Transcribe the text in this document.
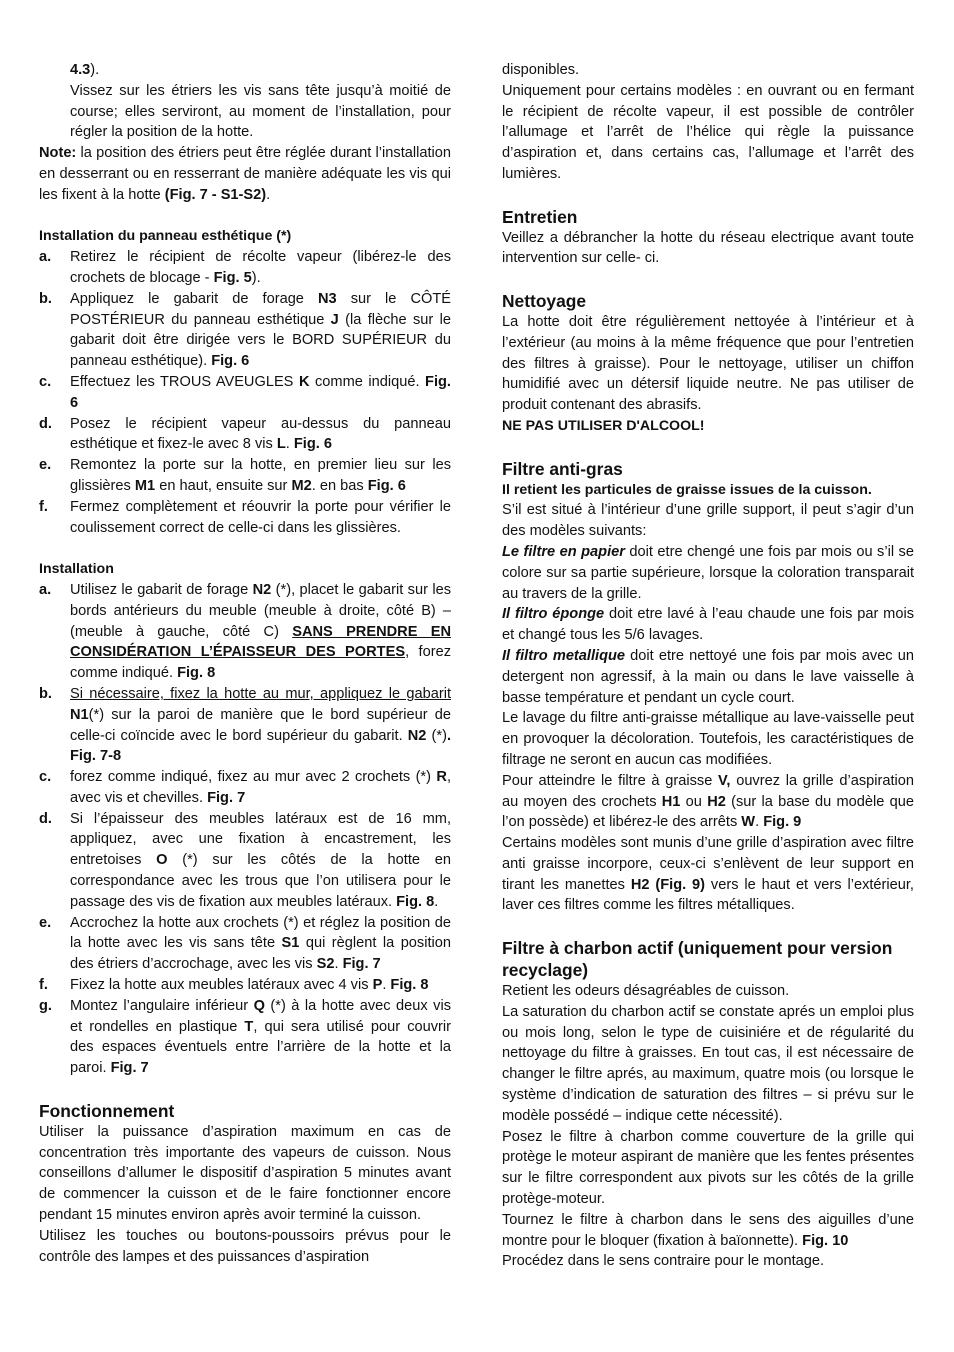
4.3).

Vissez sur les étriers les vis sans tête jusqu’à moitié de course; elles serviront, au moment de l’installation, pour régler la position de la hotte.

Note: la position des étriers peut être réglée durant l’installation en desserrant ou en resserrant de manière adéquate les vis qui les fixent à la hotte (Fig. 7 - S1-S2).

Installation du panneau esthétique (*)
a.	Retirez le récipient de récolte vapeur (libérez-le des crochets de blocage - Fig. 5).
b.	Appliquez le gabarit de forage N3 sur le CÔTÉ POSTÉRIEUR du panneau esthétique J (la flèche sur le gabarit doit être dirigée vers le BORD SUPÉRIEUR du panneau esthétique). Fig. 6
c.	Effectuez les TROUS AVEUGLES K comme indiqué. Fig. 6
d.	Posez le récipient vapeur au-dessus du panneau esthétique et fixez-le avec 8 vis L. Fig. 6
e.	Remontez la porte sur la hotte, en premier lieu sur les glissières M1 en haut, ensuite sur M2. en bas Fig. 6
f.	Fermez complètement et réouvrir la porte pour vérifier le coulissement correct de celle-ci dans les glissières.
Installation
a.	Utilisez le gabarit de forage N2 (*), placet le gabarit sur les bords antérieurs du meuble (meuble à droite, côté B) – (meuble à gauche, côté C) SANS PRENDRE EN CONSIDÉRATION L’ÉPAISSEUR DES PORTES, forez comme indiqué. Fig. 8
b.	Si nécessaire, fixez la hotte au mur, appliquez le gabarit N1(*) sur la paroi de manière que le bord supérieur de celle-ci coïncide avec le bord supérieur du gabarit. N2 (*). Fig. 7-8
c.	forez comme indiqué, fixez au mur avec 2 crochets (*) R, avec vis et chevilles. Fig. 7
d.	Si l’épaisseur des meubles latéraux est de 16 mm, appliquez, avec une fixation à encastrement, les entretoises O (*) sur les côtés de la hotte en correspondance avec les trous que l’on utilisera pour le passage des vis de fixation aux meubles latéraux. Fig. 8.
e.	Accrochez la hotte aux crochets (*) et réglez la position de la hotte avec les vis sans tête S1 qui règlent la position des étriers d’accrochage, avec les vis S2. Fig. 7
f.	Fixez la hotte aux meubles latéraux avec 4 vis P. Fig. 8
g.	Montez l’angulaire inférieur Q (*) à la hotte avec deux vis et rondelles en plastique T, qui sera utilisé pour couvrir des espaces éventuels entre l’arrière de la hotte et la paroi. Fig. 7
Fonctionnement

Utiliser la puissance d’aspiration maximum en cas de concentration très importante des vapeurs de cuisson. Nous conseillons d’allumer le dispositif d’aspiration 5 minutes avant de commencer la cuisson et de le faire fonctionner encore pendant 15 minutes environ après avoir terminé la cuisson.

Utilisez les touches ou boutons-poussoirs prévus pour le contrôle des lampes et des puissances d’aspiration

disponibles.

Uniquement pour certains modèles : en ouvrant ou en fermant le récipient de récolte vapeur, il est possible de contrôler l’allumage et l’arrêt de l’hélice qui règle la puissance d’aspiration et, dans certains cas, l’allumage et l’arrêt des lumières.

Entretien

Veillez a débrancher la hotte du réseau electrique avant toute intervention sur celle- ci.

Nettoyage

La hotte doit être régulièrement nettoyée à l’intérieur et à l’extérieur (au moins à la même fréquence que pour l’entretien des filtres à graisse). Pour le nettoyage, utiliser un chiffon humidifié avec un détersif liquide neutre. Ne pas utiliser de produit contenant des abrasifs.

NE PAS UTILISER D'ALCOOL!

Filtre anti-gras

Il retient les particules de graisse issues de la cuisson.

S’il est situé à l’intérieur d’une grille support, il peut s’agir d’un des modèles suivants:

Le filtre en papier doit etre chengé une fois par mois ou s’il se colore sur sa partie supérieure, lorsque la coloration transparait au travers de la grille.

Il filtro éponge doit etre lavé à l’eau chaude une fois par mois et changé tous les 5/6 lavages.

Il filtro metallique doit etre nettoyé une fois par mois avec un detergent non agressif, à la main ou dans le lave vaisselle à basse température et pendant un cycle court.

Le lavage du filtre anti-graisse métallique au lave-vaisselle peut en provoquer la décoloration. Toutefois, les caractéristiques de filtrage ne seront en aucun cas modifiées.

Pour atteindre le filtre à graisse V, ouvrez la grille d’aspiration au moyen des crochets H1 ou H2 (sur la base du modèle que l’on possède) et libérez-le des arrêts W. Fig. 9

Certains modèles sont munis d’une grille d’aspiration avec filtre anti graisse incorpore, ceux-ci s’enlèvent de leur support en tirant les manettes H2 (Fig. 9) vers le haut et vers l’extérieur, laver ces filtres comme les filtres métalliques.

Filtre à charbon actif (uniquement pour version recyclage)

Retient les odeurs désagréables de cuisson.

La saturation du charbon actif se constate aprés un emploi plus ou mois long, selon le type de cuisiniére et de régularité du nettoyage du filtre à graisses. En tout cas, il est nécessaire de changer le filtre aprés, au maximum, quatre mois (ou lorsque le système d’indication de saturation des filtres – si prévu sur le modèle possédé – indique cette nécessité).

Posez le filtre à charbon comme couverture de la grille qui protège le moteur aspirant de manière que les fentes présentes sur le filtre correspondent aux pivots sur les côtés de la grille protège-moteur.

Tournez le filtre à charbon dans le sens des aiguilles d’une montre pour le bloquer (fixation à baïonnette). Fig. 10

Procédez dans le sens contraire pour le montage.
